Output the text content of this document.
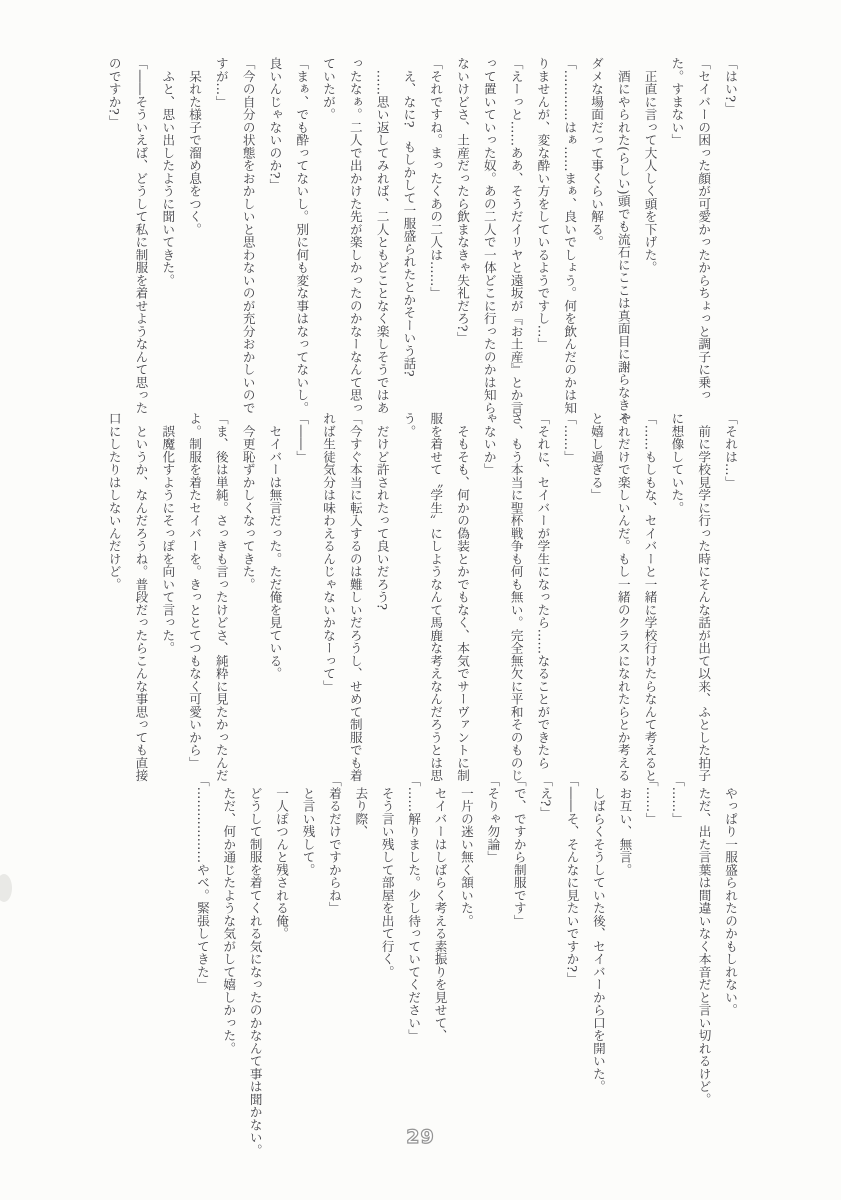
「はい?」

「セイバーの困った顔が可愛かったからちょっと調子に乗った。すまない」

　正直に言って大人しく頭を下げた。

　酒にやられた(らしい)頭でも流石にここは真面目に謝らなきゃダメな場面だって事くらい解る。

「…………はぁ……まぁ、良いでしょう。何を飲んだのかは知りませんが、変な酔い方をしているようですし…」

「えーっと……ああ、そうだイリヤと遠坂が『お土産』とか言って置いていった奴。あの二人で一体どこに行ったのかは知らないけどさ、土産だったら飲まなきゃ失礼だろ?」

「それですね。まったくあの二人は……」

　え、なに?　もしかして一服盛られたとかそーいう話?

　……思い返してみれば、二人ともどことなく楽しそうではあったなぁ。二人で出かけた先が楽しかったのかなーなんて思っていたが。

「まぁ、でも酔ってないし。別に何も変な事はなってないし。良いんじゃないのか?」

「今の自分の状態をおかしいと思わないのが充分おかしいのですが…」

　呆れた様子で溜め息をつく。

　ふと、思い出したように聞いてきた。

「――そういえば、どうして私に制服を着せようなんて思ったのですか?」

「それは…」

　前に学校見学に行った時にそんな話が出て以来、ふとした拍子に想像していた。

「……もしもな、セイバーと一緒に学校行けたらなんて考えるとそれだけで楽しいんだ。もし一緒のクラスになれたらとか考えると嬉し過ぎる」

「……」

「それに、セイバーが学生になったら……なることができたらさ、もう本当に聖杯戦争も何も無い。完全無欠に平和そのものじゃないか」

　そもそも、何かの偽装とかでもなく、本気でサーヴァントに制服を着せて〝学生〟にしようなんて馬鹿な考えなんだろうとは思う。

　だけど許されたって良いだろう?

「今すぐ本当に転入するのは難しいだろうし、せめて制服でも着れば生徒気分は味わえるんじゃないかなーって」

「――」

　セイバーは無言だった。ただ俺を見ている。

　今更恥ずかしくなってきた。

「ま、後は単純。さっきも言ったけどさ、純粋に見たかったんだよ。制服を着たセイバーを。きっととてつもなく可愛いから」

　誤魔化すようにそっぽを向いて言った。

　というか、なんだろうね。普段だったらこんな事思っても直接口にしたりはしないんだけど。

　やっぱり一服盛られたのかもしれない。

　ただ、出た言葉は間違いなく本音だと言い切れるけど。

「……」

「……」

　お互い、無言。

　しばらくそうしていた後、セイバーから口を開いた。

「――そ、そんなに見たいですか?」

「え?」

「で、ですから制服です」

「そりゃ勿論」

　一片の迷い無く頷いた。

　セイバーはしばらく考える素振りを見せて、

「……解りました。少し待っていてください」

　そう言い残して部屋を出て行く。

　去り際、

「着るだけですからね」

　と言い残して。

　一人ぽつんと残される俺。

　どうして制服を着てくれる気になったのかなんて事は聞かない。

　ただ、何か通じたような気がして嬉しかった。

「………………やべ。緊張してきた」

29
